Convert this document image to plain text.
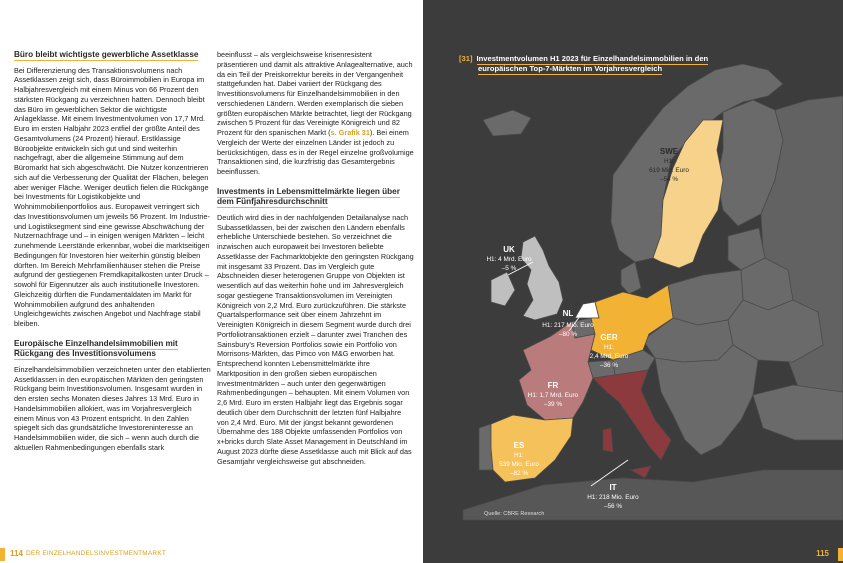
Büro bleibt wichtigste gewerbliche Assetklasse

Bei Differenzierung des Transaktionsvolumens nach Assetklassen zeigt sich, dass Büroimmobilien in Europa im Halbjahresvergleich mit einem Minus von 66 Prozent den stärksten Rückgang zu verzeichnen hatten. Dennoch bleibt das Büro im gewerblichen Sektor die wichtigste Anlageklasse. Mit einem Investmentvolumen von 17,7 Mrd. Euro im ersten Halbjahr 2023 entfiel der größte Anteil des Gesamtvolumens (24 Prozent) hierauf. Erstklassige Büroobjekte entwickeln sich gut und sind weiterhin nachgefragt, aber die allgemeine Stimmung auf dem Büromarkt hat sich abgeschwächt. Die Nutzer konzentrieren sich auf die Verbesserung der Qualität der Flächen, belegen aber weniger Fläche. Weniger deutlich fielen die Rückgänge bei Investments für Logistikobjekte und Wohnimmobilienportfolios aus. Europaweit verringert sich das Investitionsvolumen um jeweils 56 Prozent. Im Industrie- und Logistiksegment sind eine gewisse Abschwächung der Nutzernachfrage und – in einigen wenigen Märkten – leicht zunehmende Leerstände erkennbar, wobei die marktseitigen Bedingungen für Investoren hier weiterhin günstig bleiben dürften. Im Bereich Mehrfamilienhäuser stehen die Preise aufgrund der gestiegenen Fremdkapitalkosten unter Druck – sowohl für Eigennutzer als auch institutionelle Investoren. Gleichzeitig dürften die Fundamentaldaten im Markt für Wohnimmobilien aufgrund des anhaltenden Ungleichgewichts zwischen Angebot und Nachfrage stabil bleiben.

Europäische Einzelhandelsimmobilien mit Rückgang des Investitionsvolumens

Einzelhandelsimmobilien verzeichneten unter den etablierten Assetklassen in den europäischen Märkten den geringsten Rückgang beim Investitionsvolumen. Insgesamt wurden in den ersten sechs Monaten dieses Jahres 13 Mrd. Euro in Handelsimmobilien allokiert, was im Vorjahresvergleich einem Minus von 43 Prozent entspricht. In den Zahlen spiegelt sich das grundsätzliche Investoreninteresse an Handelsimmobilien wider, die sich – wenn auch durch die aktuellen Rahmenbedingungen ebenfalls stark

beeinflusst – als vergleichsweise krisenresistent präsentieren und damit als attraktive Anlagealternative, auch da ein Teil der Preiskorrektur bereits in der Vergangenheit stattgefunden hat. Dabei variiert der Rückgang des Investitionsvolumens für Einzelhandelsimmobilien in den verschiedenen Ländern. Werden exemplarisch die sieben größten europäischen Märkte betrachtet, liegt der Rückgang zwischen 5 Prozent für das Vereinigte Königreich und 82 Prozent für den spanischen Markt (s. Grafik 31). Bei einem Vergleich der Werte der einzelnen Länder ist jedoch zu berücksichtigen, dass es in der Regel einzelne großvolumige Transaktionen sind, die kurzfristig das Gesamtergebnis beeinflussen.

Investments in Lebensmittelmärkte liegen über dem Fünfjahresdurchschnitt

Deutlich wird dies in der nachfolgenden Detailanalyse nach Subassetklassen, bei der zwischen den Ländern ebenfalls erhebliche Unterschiede bestehen. So verzeichnet die inzwischen auch europaweit bei Investoren beliebte Assetklasse der Fachmarktobjekte den geringsten Rückgang mit insgesamt 33 Prozent. Das im Vergleich gute Abschneiden dieser heterogenen Gruppe von Objekten ist wesentlich auf das weiterhin hohe und im Jahresvergleich sogar gestiegene Transaktionsvolumen im Vereinigten Königreich von 2,2 Mrd. Euro zurückzuführen. Die stärkste Quartalsperformance seit über einem Jahrzehnt im Vereinigten Königreich in diesem Segment wurde durch drei Portfoliotransaktionen erzielt – darunter zwei Tranchen des Sainsbury's Reversion Portfolios sowie ein Portfolio von Morrisons-Märkten, das Pimco von M&G erworben hat. Entsprechend konnten Lebensmittelmärkte ihre Marktposition in den großen sieben europäischen Investmentmärkten – auch unter den gegenwärtigen Rahmenbedingungen – behaupten. Mit einem Volumen von 2,6 Mrd. Euro im ersten Halbjahr liegt das Ergebnis sogar deutlich über dem Durchschnitt der letzten fünf Halbjahre von 2,4 Mrd. Euro. Mit der jüngst bekannt gewordenen Übernahme des 188 Objekte umfassenden Portfolios von x+bricks durch Slate Asset Management in Deutschland im August 2023 dürfte diese Assetklasse auch mit Blick auf das Gesamtjahr vergleichsweise gut abschneiden.

114 DER EINZELHANDELSINVESTMENTMARKT
[31] Investmentvolumen H1 2023 für Einzelhandelsimmobilien in den
europäischen Top-7-Märkten im Vorjahresvergleich
UK
H1: 4 Mrd. Euro
–5 %
NL
H1: 217 Mio. Euro
–80 %	GER
H1:
2,4 Mrd. Euro
–36 %
FR
H1: 1,7 Mrd. Euro
–39 %
ES
H1:
539 Mio. Euro
–82 %
IT
H1: 218 Mio. Euro
–56 %
SWE
H1:
619 Mio. Euro
–54 %
Quelle: CBRE Research
115
